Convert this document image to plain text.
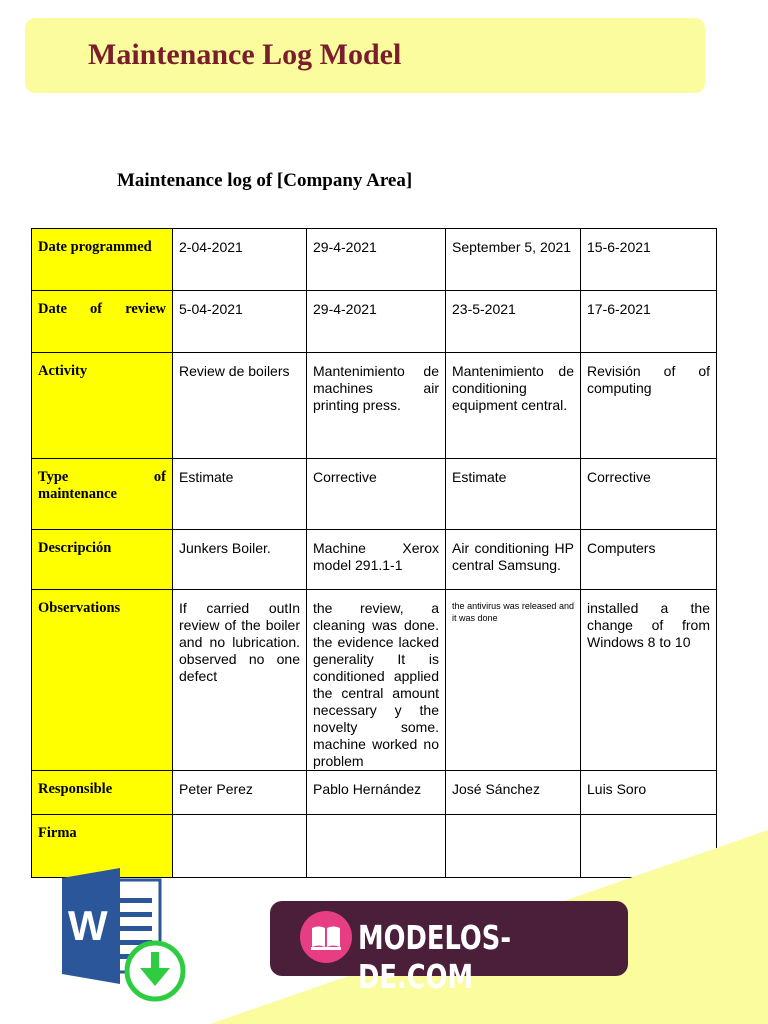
Maintenance Log Model
Maintenance log of [Company Area]
Date programmed	2-04-2021	29-4-2021	September 5, 2021	15-6-2021
Date of review	5-04-2021	29-4-2021	23-5-2021	17-6-2021
Activity	Review de boilers	Mantenimiento de machines air printing press.	Mantenimiento de conditioning equipment central.	Revisión of of computing
Type of maintenance	Estimate	Corrective	Estimate	Corrective
Descripción	Junkers Boiler.	Machine Xerox model 291.1-1	Air conditioning HP central Samsung.	Computers
Observations	If carried outIn review of the boiler and no lubrication. observed no one defect	the review, a cleaning was done. the evidence lacked generality It is conditioned applied the central amount necessary y the novelty some. machine worked no problem	the antivirus was released and it was done	installed a the change of from Windows 8 to 10
Responsible	Peter Perez	Pablo Hernández	José Sánchez	Luis Soro
Firma				
W	MODELOS-DE.COM
